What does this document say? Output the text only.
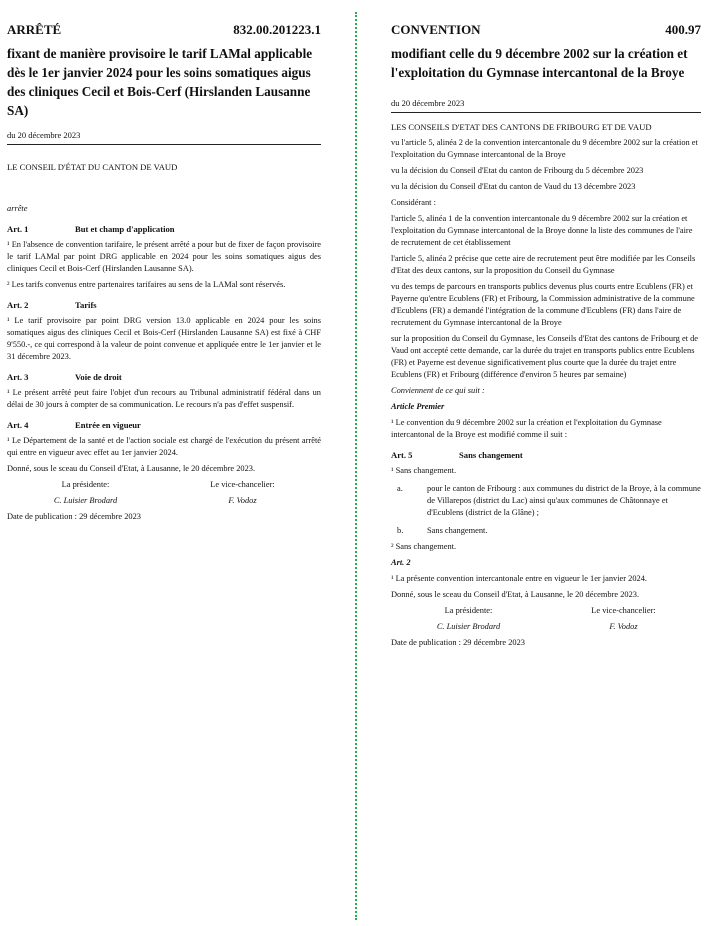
ARRÊTÉ	832.00.201223.1
fixant de manière provisoire le tarif LAMal applicable dès le 1er janvier 2024 pour les soins somatiques aigus des cliniques Cecil et Bois-Cerf (Hirslanden Lausanne SA)
du 20 décembre 2023
LE CONSEIL D'ÉTAT DU CANTON DE VAUD
arrête
Art. 1	But et champ d'application

¹ En l'absence de convention tarifaire, le présent arrêté a pour but de fixer de façon provisoire le tarif LAMal par point DRG applicable en 2024 pour les soins somatiques aigus des cliniques Cecil et Bois-Cerf (Hirslanden Lausanne SA).

² Les tarifs convenus entre partenaires tarifaires au sens de la LAMal sont réservés.

Art. 2	Tarifs

¹ Le tarif provisoire par point DRG version 13.0 applicable en 2024 pour les soins somatiques aigus des cliniques Cecil et Bois-Cerf (Hirslanden Lausanne SA) est fixé à CHF 9'550.-, ce qui correspond à la valeur de point convenue et appliquée entre le 1er janvier et le 31 décembre 2023.

Art. 3	Voie de droit

¹ Le présent arrêté peut faire l'objet d'un recours au Tribunal administratif fédéral dans un délai de 30 jours à compter de sa communication. Le recours n'a pas d'effet suspensif.

Art. 4	Entrée en vigueur

¹ Le Département de la santé et de l'action sociale est chargé de l'exécution du présent arrêté qui entre en vigueur avec effet au 1er janvier 2024.

Donné, sous le sceau du Conseil d'Etat, à Lausanne, le 20 décembre 2023.

La présidente:	Le vice-chancelier:
C. Luisier Brodard	F. Vodoz

Date de publication : 29 décembre 2023

CONVENTION	400.97
modifiant celle du 9 décembre 2002 sur la création et l'exploitation du Gymnase intercantonal de la Broye
du 20 décembre 2023
LES CONSEILS D'ETAT DES CANTONS DE FRIBOURG ET DE VAUD

vu l'article 5, alinéa 2 de la convention intercantonale du 9 décembre 2002 sur la création et l'exploitation du Gymnase intercantonal de la Broye

vu la décision du Conseil d'Etat du canton de Fribourg du 5 décembre 2023

vu la décision du Conseil d'Etat du canton de Vaud du 13 décembre 2023

Considérant :

l'article 5, alinéa 1 de la convention intercantonale du 9 décembre 2002 sur la création et l'exploitation du Gymnase intercantonal de la Broye donne la liste des communes de l'aire de recrutement de cet établissement

l'article 5, alinéa 2 précise que cette aire de recrutement peut être modifiée par les Conseils d'Etat des deux cantons, sur la proposition du Conseil du Gymnase

vu des temps de parcours en transports publics devenus plus courts entre Ecublens (FR) et Payerne qu'entre Ecublens (FR) et Fribourg, la Commission administrative de la commune d'Ecublens (FR) a demandé l'intégration de la commune d'Ecublens (FR) dans l'aire de recrutement du Gymnase intercantonal de la Broye

sur la proposition du Conseil du Gymnase, les Conseils d'Etat des cantons de Fribourg et de Vaud ont accepté cette demande, car la durée du trajet en transports publics entre Ecublens (FR) et Payerne est devenue significativement plus courte que la durée du trajet entre Ecublens (FR) et Fribourg (différence d'environ 5 heures par semaine)

Conviennent de ce qui suit :

Article Premier

¹ Le convention du 9 décembre 2002 sur la création et l'exploitation du Gymnase intercantonal de la Broye est modifié comme il suit :

Art. 5	Sans changement

¹ Sans changement.

a.	pour le canton de Fribourg : aux communes du district de la Broye, à la commune de Villarepos (district du Lac) ainsi qu'aux communes de Châtonnaye et d'Ecublens (district de la Glâne) ;
b.	Sans changement.

² Sans changement.

Art. 2

¹ La présente convention intercantonale entre en vigueur le 1er janvier 2024.

Donné, sous le sceau du Conseil d'Etat, à Lausanne, le 20 décembre 2023.

La présidente:	Le vice-chancelier:
C. Luisier Brodard	F. Vodoz

Date de publication : 29 décembre 2023
